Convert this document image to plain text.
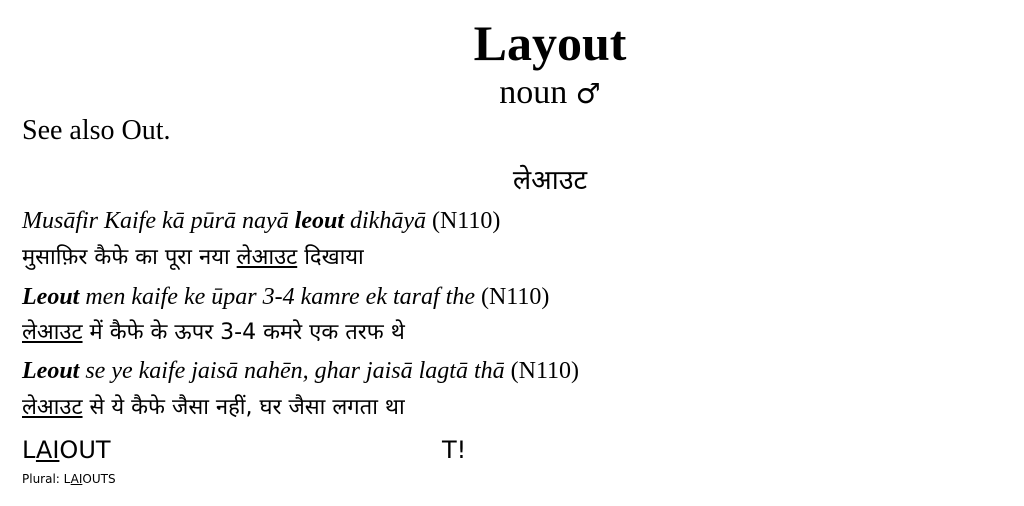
Layout
noun ♂
See also Out.
लेआउट
Musāfir Kaife kā pūrā nayā leout dikhāyā (N110)
मुसाफ़िर कैफे का पूरा नया लेआउट दिखाया
Leout men kaife ke ūpar 3-4 kamre ek taraf the (N110)
लेआउट में कैफे के ऊपर 3-4 कमरे एक तरफ थे
Leout se ye kaife jaisā nahēn, ghar jaisā lagtā thā (N110)
लेआउट से ये कैफे जैसा नहीं, घर जैसा लगता था
LAIOUT	T!
Plural: LAIOUTS
